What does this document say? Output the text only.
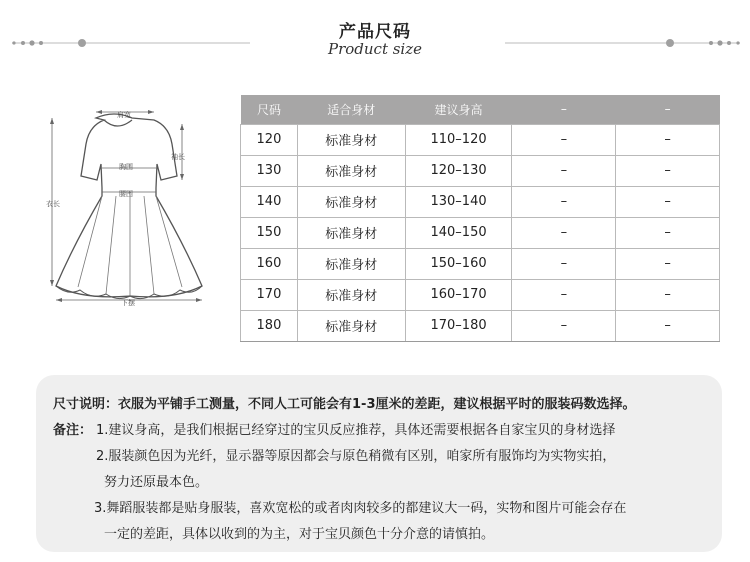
产品尺码
Product size
肩宽
袖长
胸围
腰围
衣长
下摆
尺码	适合身材	建议身高	–	–
120	标准身材	110–120	–	–
130	标准身材	120–130	–	–
140	标准身材	130–140	–	–
150	标准身材	140–150	–	–
160	标准身材	150–160	–	–
170	标准身材	160–170	–	–
180	标准身材	170–180	–	–
尺寸说明：衣服为平铺手工测量，不同人工可能会有1-3厘米的差距，建议根据平时的服装码数选择。
备注： 1.建议身高，是我们根据已经穿过的宝贝反应推荐，具体还需要根据各自家宝贝的身材选择
2.服装颜色因为光纤，显示器等原因都会与原色稍微有区别，咱家所有服饰均为实物实拍，
努力还原最本色。
3.舞蹈服装都是贴身服装，喜欢宽松的或者肉肉较多的都建议大一码，实物和图片可能会存在
一定的差距，具体以收到的为主，对于宝贝颜色十分介意的请慎拍。
